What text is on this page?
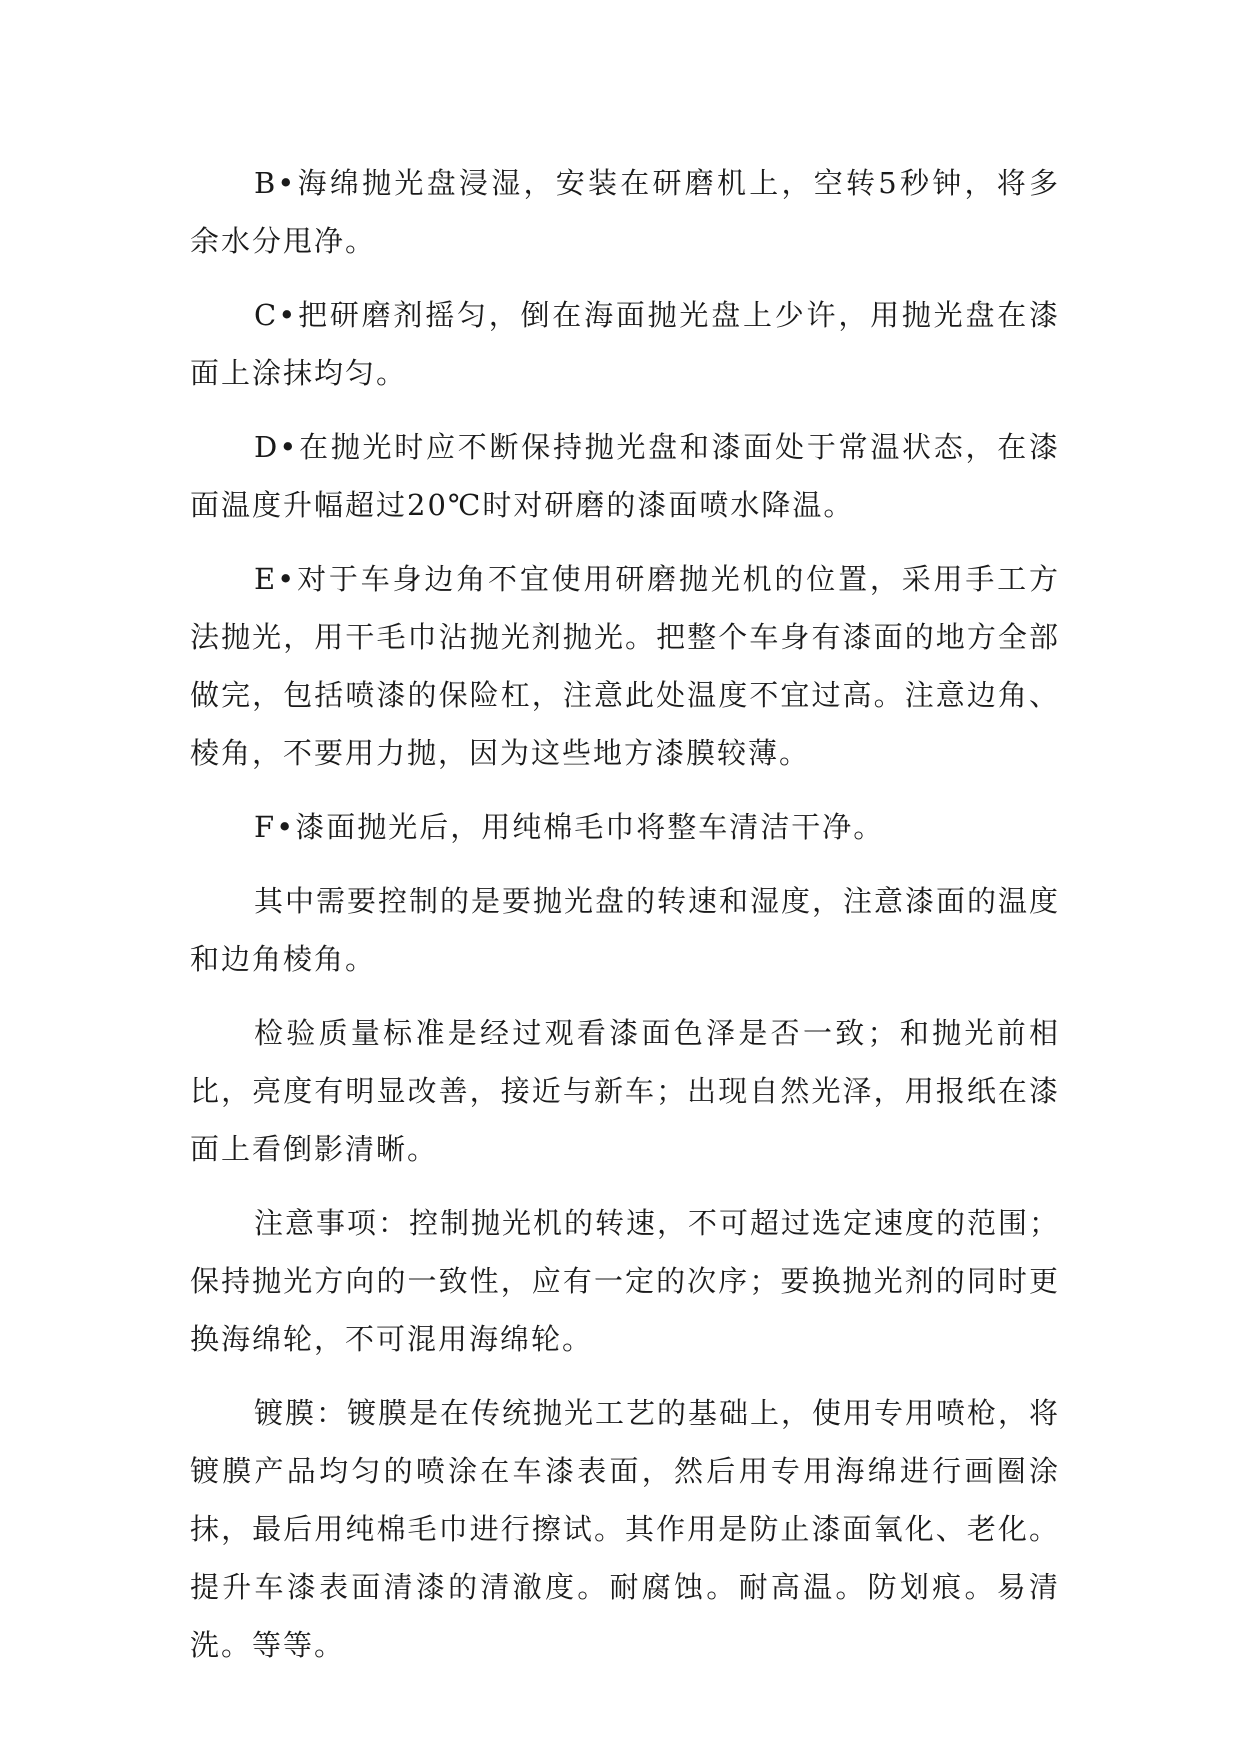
B•海绵抛光盘浸湿，安装在研磨机上，空转5秒钟，将多余水分甩净。

C•把研磨剂摇匀，倒在海面抛光盘上少许，用抛光盘在漆面上涂抹均匀。

D•在抛光时应不断保持抛光盘和漆面处于常温状态，在漆面温度升幅超过20℃时对研磨的漆面喷水降温。

E•对于车身边角不宜使用研磨抛光机的位置，采用手工方法抛光，用干毛巾沾抛光剂抛光。把整个车身有漆面的地方全部做完，包括喷漆的保险杠，注意此处温度不宜过高。注意边角、棱角，不要用力抛，因为这些地方漆膜较薄。

F•漆面抛光后，用纯棉毛巾将整车清洁干净。

其中需要控制的是要抛光盘的转速和湿度，注意漆面的温度和边角棱角。

检验质量标准是经过观看漆面色泽是否一致；和抛光前相比，亮度有明显改善，接近与新车；出现自然光泽，用报纸在漆面上看倒影清晰。

注意事项：控制抛光机的转速，不可超过选定速度的范围；保持抛光方向的一致性，应有一定的次序；要换抛光剂的同时更换海绵轮，不可混用海绵轮。

镀膜：镀膜是在传统抛光工艺的基础上，使用专用喷枪，将镀膜产品均匀的喷涂在车漆表面，然后用专用海绵进行画圈涂抹，最后用纯棉毛巾进行擦试。其作用是防止漆面氧化、老化。提升车漆表面清漆的清澈度。耐腐蚀。耐高温。防划痕。易清洗。等等。
